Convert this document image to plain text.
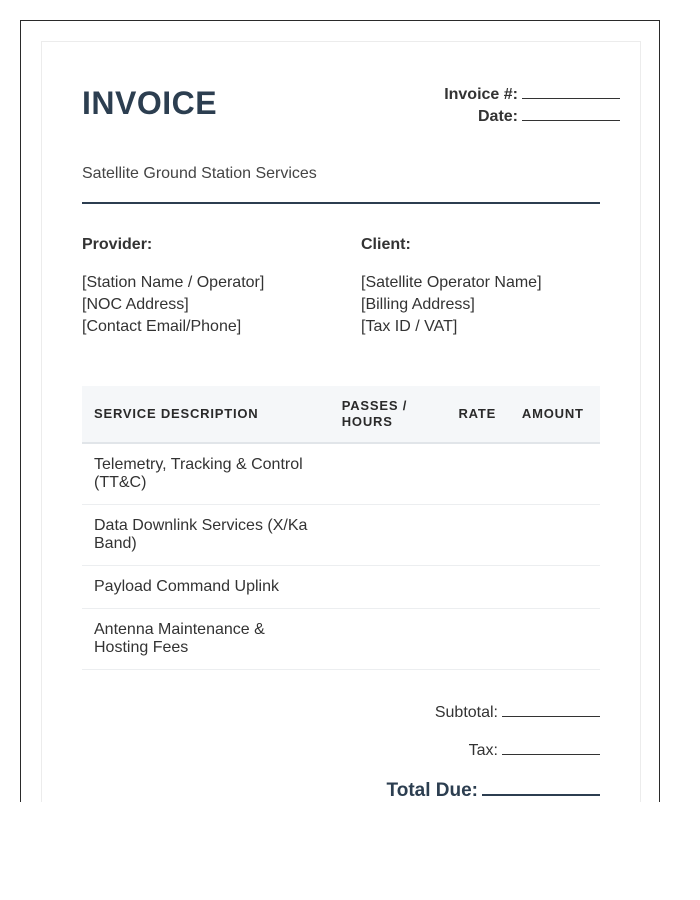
INVOICE	Invoice #:
Date:
Satellite Ground Station Services
Provider:
[Station Name / Operator]
[NOC Address]
[Contact Email/Phone]
Client:
[Satellite Operator Name]
[Billing Address]
[Tax ID / VAT]
SERVICE DESCRIPTION	PASSES / HOURS	RATE	AMOUNT
Telemetry, Tracking & Control (TT&C)			
Data Downlink Services (X/Ka Band)			
Payload Command Uplink			
Antenna Maintenance & Hosting Fees			
Subtotal:
Tax:
Total Due:
